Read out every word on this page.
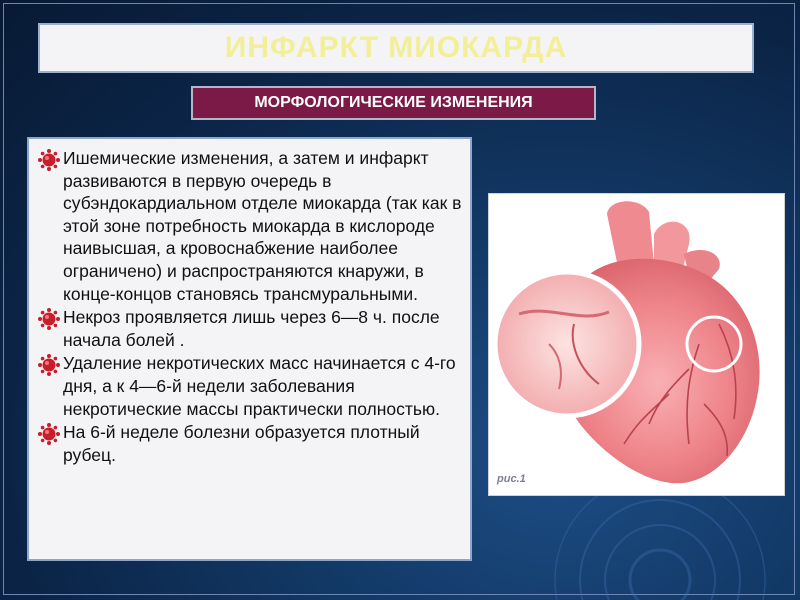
ИНФАРКТ МИОКАРДА
МОРФОЛОГИЧЕСКИЕ ИЗМЕНЕНИЯ
Ишемические изменения, а затем и инфаркт развиваются в первую очередь в субэндокардиальном отделе миокарда (так как в этой зоне потребность миокарда в кислороде наивысшая, а кровоснабжение наиболее ограничено) и распространяются кнаружи, в конце-концов становясь трансмуральными.
Некроз проявляется лишь через 6—8 ч. после начала болей .
Удаление некротических масс начинается с 4-го дня, а к 4—6-й недели заболевания некротические массы практически полностью.
На 6-й неделе болезни образуется плотный рубец.
рис.1
